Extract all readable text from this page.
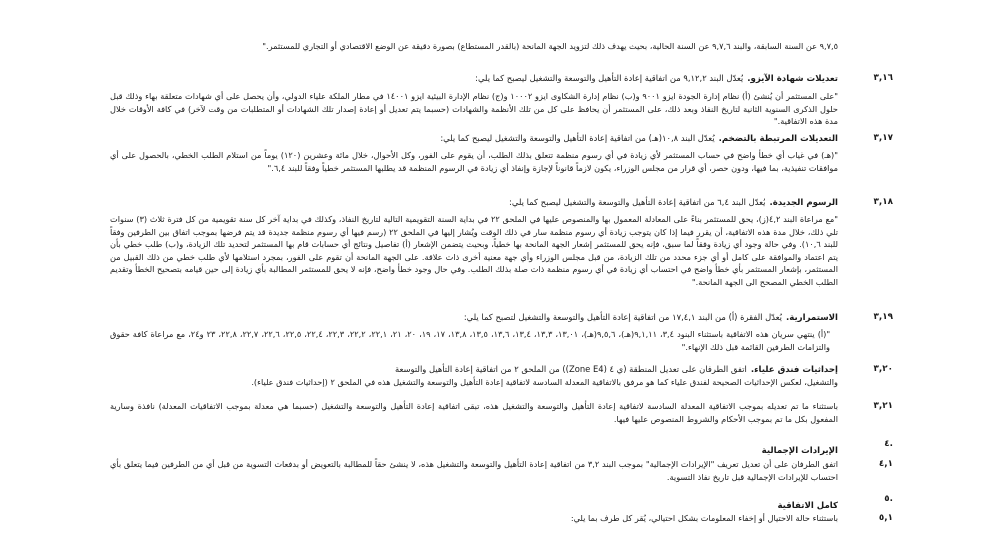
٩,٧,٥ عن السنة السابقة، والبند ٩,٧,٦ عن السنة الحالية، بحيث يهدف ذلك لتزويد الجهة المانحة (بالقدر المستطاع) بصورة دقيقة عن الوضع الاقتصادي أو التجاري للمستثمر."

٣,١٦
تعديلات شهادة الآيزو.
يُعدّل البند ٩,١٢,٢ من اتفاقية إعادة التأهيل والتوسعة والتشغيل ليصبح كما يلي:

"على المستثمر أن يُنشئ (أ) نظام إدارة الجودة ايزو ٩٠٠١ و(ب) نظام إدارة الشكاوى ايزو ١٠٠٠٢ و(ج) نظام الإدارة البيئية ايزو ١٤٠٠١ في مطار الملكة علياء الدولي، وأن يحصل على أي شهادات متعلقة بهاء وذلك قبل حلول الذكرى السنوية الثانية لتاريخ النفاذ وبعد ذلك، على المستثمر أن يحافظ على كل من تلك الأنظمة والشهادات (حسبما يتم تعديل أو إعادة إصدار تلك الشهادات أو المتطلبات من وقت لآخر) في كافة الأوقات خلال مدة هذه الاتفاقية."

٣,١٧
التعديلات المرتبطة بالتضخم.
يُعدّل البند ١٠,٨(هـ) من اتفاقية إعادة التأهيل والتوسعة والتشغيل ليصبح كما يلي:

"(هـ) في غياب أي خطأ واضح في حساب المستثمر لأي زيادة في أي رسوم منظمة تتعلق بذلك الطلب، أن يقوم على الفور، وكل الأحوال، خلال مائة وعشرين (١٢٠) يوماً من استلام الطلب الخطي، بالحصول على أي موافقات تنفيذية، بما فيها، ودون حصر، أي قرار من مجلس الوزراء، يكون لازماً قانوناً لإجازة وإنفاذ أي زيادة في الرسوم المنظمة قد يطلبها المستثمر خطياً وفقاً للبند ٦,٤."

٣,١٨
الرسوم الجديدة.
يُعدّل البند ٦,٤ من اتفاقية إعادة التأهيل والتوسعة والتشغيل ليصبح كما يلي:

"مع مراعاة البند ٤,٢(ز)، يحق للمستثمر بناءً على المعادلة المعمول بها والمنصوص عليها في الملحق ٢٢ في بداية السنة التقويمية التالية لتاريخ النفاذ، وكذلك في بداية آخر كل سنة تقويمية من كل فترة ثلاث (٣) سنوات تلي ذلك، خلال مدة هذه الاتفاقية، أن يقرر فيما إذا كان يتوجب زيادة أي رسوم منظمة سار في ذلك الوقت ويُشار إليها في الملحق ٢٢ (رسم فيها أي رسوم منظمة جديدة قد يتم فرضها بموجب اتفاق بين الطرفين وفقاً للبند ١٠,٦). وفي حالة وجود أي زيادة وفقاً لما سبق، فإنه يحق للمستثمر إشعار الجهة المانحة بها خطياً، وبحيث يتضمن الإشعار (أ) تفاصيل ونتائج أي حسابات قام بها المستثمر لتحديد تلك الزيادة، و(ب) طلب خطي بأن يتم اعتماد والموافقة على كامل أو أي جزء محدد من تلك الزيادة، من قبل مجلس الوزراء وأي جهة معنية أخرى ذات علاقة. على الجهة المانحة أن تقوم على الفور، بمجرد استلامها لأي طلب خطي من ذلك القبيل من المستثمر، بإشعار المستثمر بأي خطأ واضح في احتساب أي زيادة في أي رسوم منظمة ذات صلة بذلك الطلب. وفي حال وجود خطأ واضح، فإنه لا يحق للمستثمر المطالبة بأي زيادة إلى حين قيامه بتصحيح الخطأ وتقديم الطلب الخطي المصحح الى الجهة المانحة."

٣,١٩
الاستمرارية.
يُعدّل الفقرة (أ) من البند ١٧,٤,١ من اتفاقية إعادة التأهيل والتوسعة والتشغيل لتصبح كما يلي:

"(أ) ينتهي سريان هذه الاتفاقية باستثناء البنود ٣,٤، ٩,١,١١(هـ)، ٩,٥,٦(هـ)، ١٣,٠١، ١٣,٣، ١٣,٤، ١٣,٦، ١٣,٥، ١٣,٨، ١٧، ١٩، ٢٠، ٢١، ٢٢,١، ٢٢,٢، ٢٢,٣، ٢٢,٤، ٢٢,٥، ٢٢,٦، ٢٢,٧، ٢٢,٨، ٢٣ و٢٤، مع مراعاة كافة حقوق والتزامات الطرفين القائمة قبل ذلك الإنهاء."

٣,٢٠
إحداثيات فندق علياء.
اتفق الطرفان على تعديل المنطقة (ي ٤ (Zone E4)) من الملحق ٢ من اتفاقية إعادة التأهيل والتوسعة

والتشغيل، لعكس الإحداثيات الصحيحة لفندق علياء كما هو مرفق بالاتفاقية المعدلة السادسة لاتفاقية إعادة التأهيل والتوسعة والتشغيل هذه في الملحق ٢ (إحداثيات فندق علياء).

٣,٢١

باستثناء ما تم تعديله بموجب الاتفاقية المعدلة السادسة لاتفاقية إعادة التأهيل والتوسعة والتشغيل هذه، تبقى اتفاقية إعادة التأهيل والتوسعة والتشغيل (حسبما هي معدلة بموجب الاتفاقيات المعدلة) نافذة وسارية المفعول بكل ما تم بموجب الأحكام والشروط المنصوص عليها فيها.

٤.
الإيرادات الإجمالية
٤,١

اتفق الطرفان على أن تعديل تعريف "الإيرادات الإجمالية" بموجب البند ٣,٢ من اتفاقية إعادة التأهيل والتوسعة والتشغيل هذه، لا ينشئ حقاً للمطالبة بالتعويض أو بدفعات التسوية من قبل أي من الطرفين فيما يتعلق بأي احتساب للإيرادات الإجمالية قبل تاريخ نفاذ التسوية.

٥.
كامل الاتفاقية
٥,١

باستثناء حالة الاحتيال أو إخفاء المعلومات بشكل احتيالي، يُقر كل طرف بما يلي:
